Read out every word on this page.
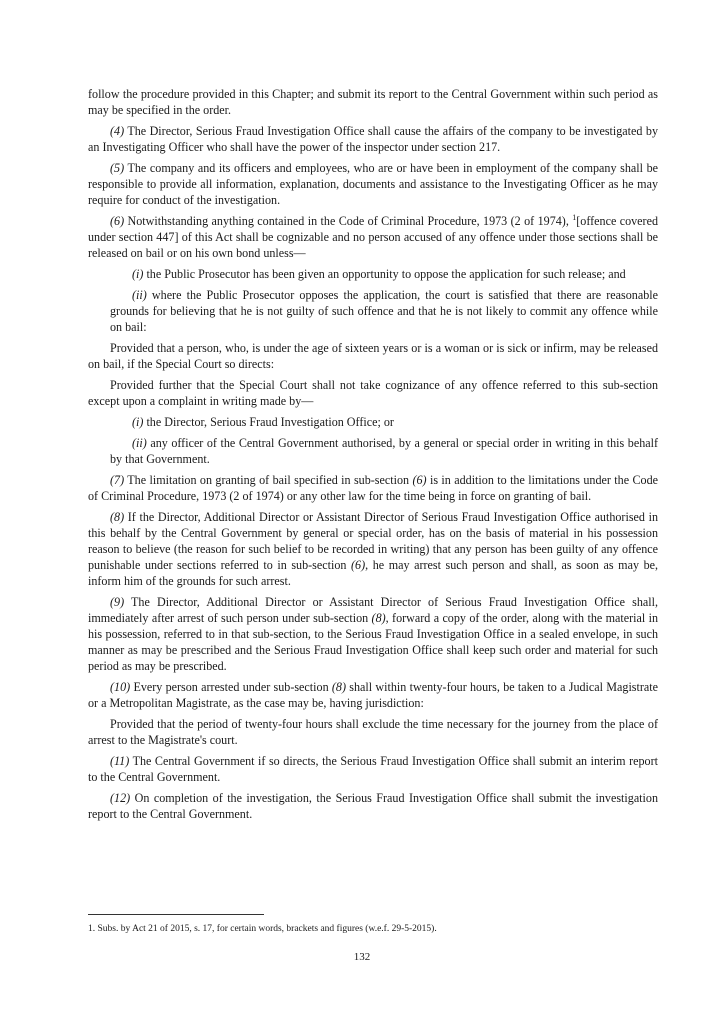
follow the procedure provided in this Chapter; and submit its report to the Central Government within such period as may be specified in the order.

(4) The Director, Serious Fraud Investigation Office shall cause the affairs of the company to be investigated by an Investigating Officer who shall have the power of the inspector under section 217.

(5) The company and its officers and employees, who are or have been in employment of the company shall be responsible to provide all information, explanation, documents and assistance to the Investigating Officer as he may require for conduct of the investigation.

(6) Notwithstanding anything contained in the Code of Criminal Procedure, 1973 (2 of 1974), $^1$[offence covered under section 447] of this Act shall be cognizable and no person accused of any offence under those sections shall be released on bail or on his own bond unless—

(i) the Public Prosecutor has been given an opportunity to oppose the application for such release; and

(ii) where the Public Prosecutor opposes the application, the court is satisfied that there are reasonable grounds for believing that he is not guilty of such offence and that he is not likely to commit any offence while on bail:

Provided that a person, who, is under the age of sixteen years or is a woman or is sick or infirm, may be released on bail, if the Special Court so directs:

Provided further that the Special Court shall not take cognizance of any offence referred to this sub-section except upon a complaint in writing made by—

(i) the Director, Serious Fraud Investigation Office; or

(ii) any officer of the Central Government authorised, by a general or special order in writing in this behalf by that Government.

(7) The limitation on granting of bail specified in sub-section (6) is in addition to the limitations under the Code of Criminal Procedure, 1973 (2 of 1974) or any other law for the time being in force on granting of bail.

(8) If the Director, Additional Director or Assistant Director of Serious Fraud Investigation Office authorised in this behalf by the Central Government by general or special order, has on the basis of material in his possession reason to believe (the reason for such belief to be recorded in writing) that any person has been guilty of any offence punishable under sections referred to in sub-section (6), he may arrest such person and shall, as soon as may be, inform him of the grounds for such arrest.

(9) The Director, Additional Director or Assistant Director of Serious Fraud Investigation Office shall, immediately after arrest of such person under sub-section (8), forward a copy of the order, along with the material in his possession, referred to in that sub-section, to the Serious Fraud Investigation Office in a sealed envelope, in such manner as may be prescribed and the Serious Fraud Investigation Office shall keep such order and material for such period as may be prescribed.

(10) Every person arrested under sub-section (8) shall within twenty-four hours, be taken to a Judical Magistrate or a Metropolitan Magistrate, as the case may be, having jurisdiction:

Provided that the period of twenty-four hours shall exclude the time necessary for the journey from the place of arrest to the Magistrate's court.

(11) The Central Government if so directs, the Serious Fraud Investigation Office shall submit an interim report to the Central Government.

(12) On completion of the investigation, the Serious Fraud Investigation Office shall submit the investigation report to the Central Government.

1. Subs. by Act 21 of 2015, s. 17, for certain words, brackets and figures (w.e.f. 29-5-2015).
132
